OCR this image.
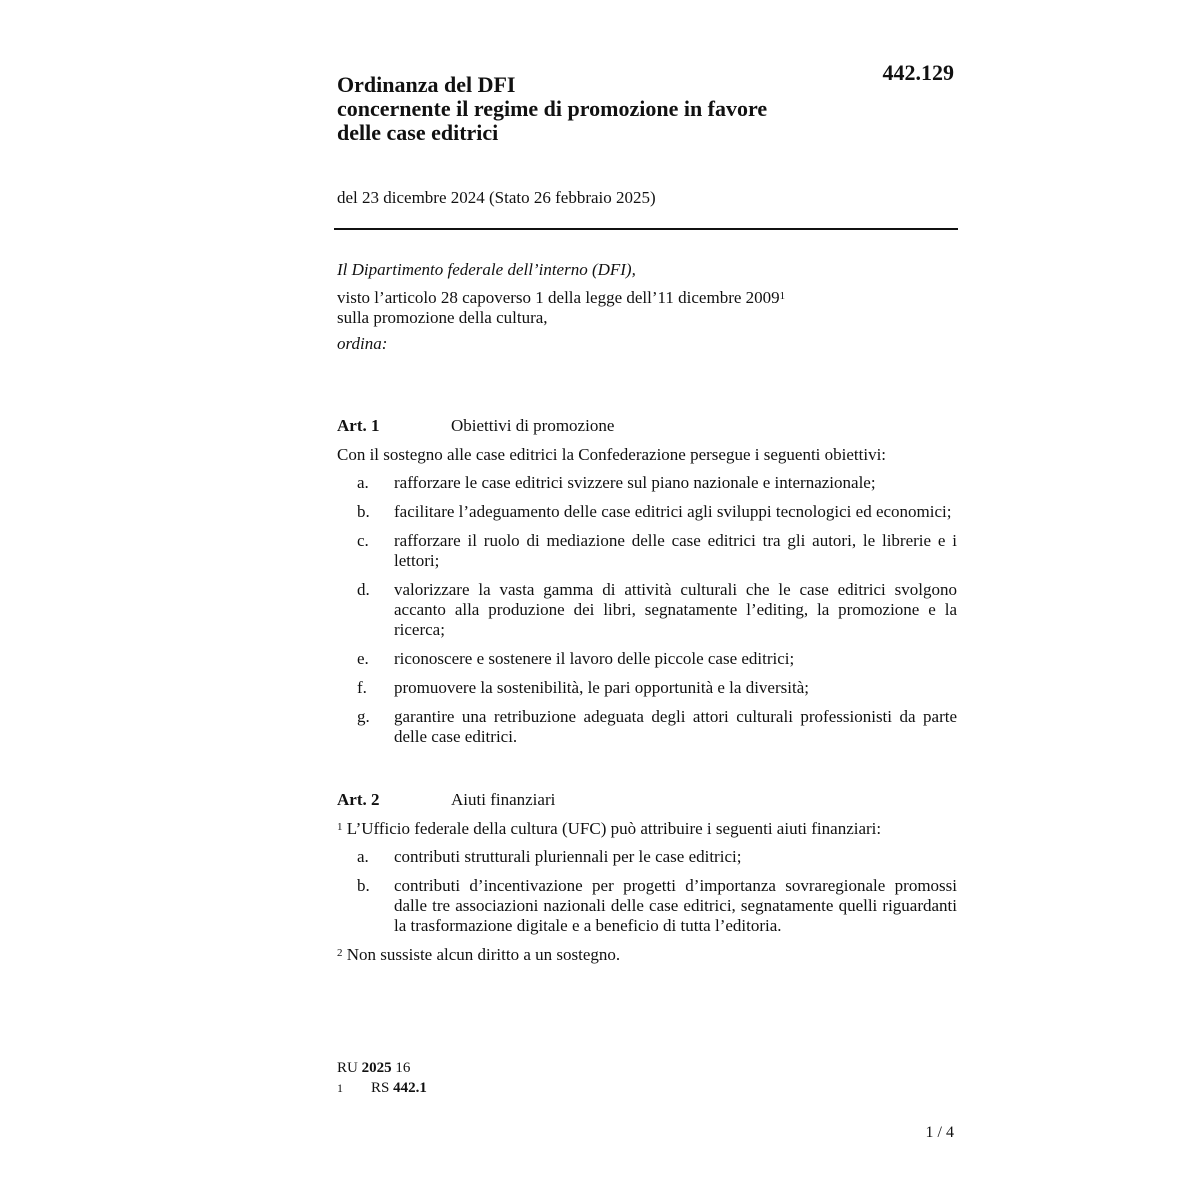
442.129
Ordinanza del DFI
concernente il regime di promozione in favore
delle case editrici
del 23 dicembre 2024 (Stato 26 febbraio 2025)
Il Dipartimento federale dell’interno (DFI),
visto l’articolo 28 capoverso 1 della legge dell’11 dicembre 2009$^1$
sulla promozione della cultura,
ordina:
Art. 1	Obiettivi di promozione
Con il sostegno alle case editrici la Confederazione persegue i seguenti obiettivi:
a.	rafforzare le case editrici svizzere sul piano nazionale e internazionale;
b.	facilitare l’adeguamento delle case editrici agli sviluppi tecnologici ed economici;
c.	rafforzare il ruolo di mediazione delle case editrici tra gli autori, le librerie e i lettori;
d.	valorizzare la vasta gamma di attività culturali che le case editrici svolgono accanto alla produzione dei libri, segnatamente l’editing, la promozione e la ricerca;
e.	riconoscere e sostenere il lavoro delle piccole case editrici;
f.	promuovere la sostenibilità, le pari opportunità e la diversità;
g.	garantire una retribuzione adeguata degli attori culturali professionisti da parte delle case editrici.
Art. 2	Aiuti finanziari
$^1$ L’Ufficio federale della cultura (UFC) può attribuire i seguenti aiuti finanziari:
a.	contributi strutturali pluriennali per le case editrici;
b.	contributi d’incentivazione per progetti d’importanza sovraregionale promossi dalle tre associazioni nazionali delle case editrici, segnatamente quelli riguardanti la trasformazione digitale e a beneficio di tutta l’editoria.
$^2$ Non sussiste alcun diritto a un sostegno.
RU 2025 16
1	RS 442.1
1 / 4
